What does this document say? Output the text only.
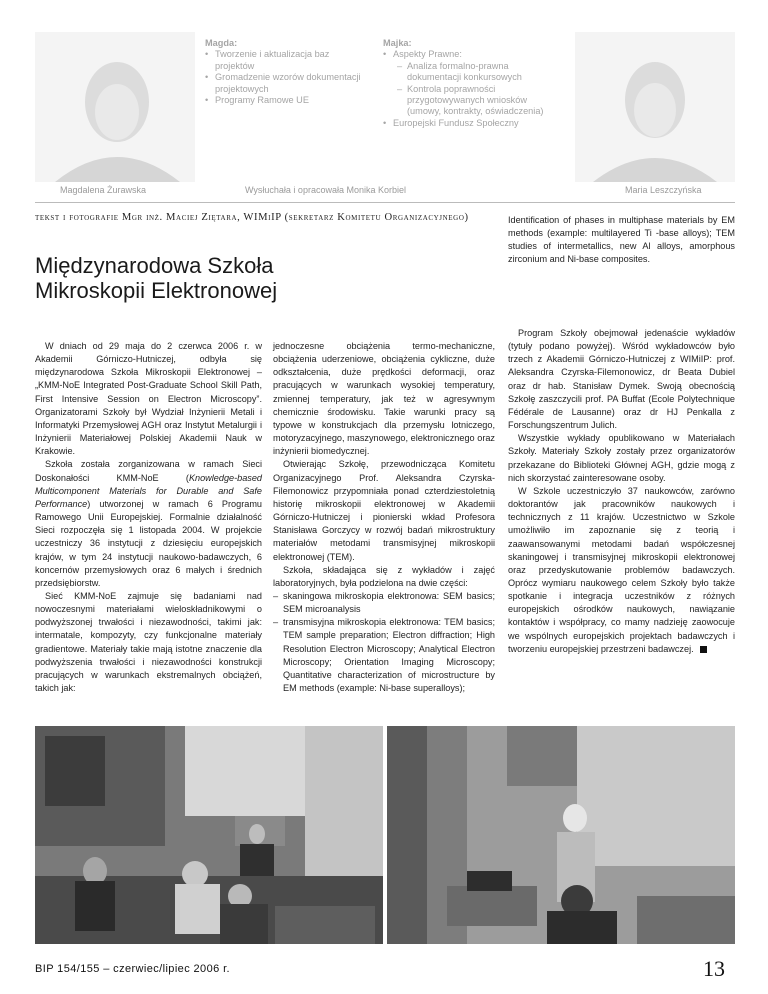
Magdalena Żurawska
Magda:
• Tworzenie i aktualizacja baz projektów
• Gromadzenie wzorów dokumentacji projektowych
• Programy Ramowe UE
Majka:
• Aspekty Prawne:
– Analiza formalno-prawna dokumentacji konkursowych
– Kontrola poprawności przygotowywanych wniosków (umowy, kontrakty, oświadczenia)
• Europejski Fundusz Społeczny
Wysłuchała i opracowała Monika Korbiel	Maria Leszczyńska
tekst i fotografie Mgr inż. Maciej Ziętara, WIMiIP (sekretarz Komitetu Organizacyjnego)
Międzynarodowa Szkoła
Mikroskopii Elektronowej

W dniach od 29 maja do 2 czerwca 2006 r. w Akademii Górniczo-Hutniczej, odbyła się międzynarodowa Szkoła Mikroskopii Elektronowej – „KMM-NoE Integrated Post-Graduate School Skill Path, First Intensive Session on Electron Microscopy”. Organizatorami Szkoły był Wydział Inżynierii Metali i Informatyki Przemysłowej AGH oraz Instytut Metalurgii i Inżynierii Materiałowej Polskiej Akademii Nauk w Krakowie.

Szkoła została zorganizowana w ramach Sieci Doskonałości KMM-NoE (Knowledge-based Multicomponent Materials for Durable and Safe Performance) utworzonej w ramach 6 Programu Ramowego Unii Europejskiej. Formalnie działalność Sieci rozpoczęła się 1 listopada 2004. W projekcie uczestniczy 36 instytucji z dziesięciu europejskich krajów, w tym 24 instytucji naukowo-badawczych, 6 koncernów przemysłowych oraz 6 małych i średnich przedsiębiorstw.

Sieć KMM-NoE zajmuje się badaniami nad nowoczesnymi materiałami wieloskładnikowymi o podwyższonej trwałości i niezawodności, takimi jak: intermatale, kompozyty, czy funkcjonalne materiały gradientowe. Materiały takie mają istotne znaczenie dla podwyższenia trwałości i niezawodności konstrukcji pracujących w warunkach ekstremalnych obciążeń, takich jak:

jednoczesne obciążenia termo-mechaniczne, obciążenia uderzeniowe, obciążenia cykliczne, duże odkształcenia, duże prędkości deformacji, oraz pracujących w warunkach wysokiej temperatury, zmiennej temperatury, jak też w agresywnym chemicznie środowisku. Takie warunki pracy są typowe w konstrukcjach dla przemysłu lotniczego, motoryzacyjnego, maszynowego, elektronicznego oraz inżynierii biomedycznej.

Otwierając Szkołę, przewodnicząca Komitetu Organizacyjnego Prof. Aleksandra Czyrska-Filemonowicz przypomniała ponad czterdziestoletnią historię mikroskopii elektronowej w Akademii Górniczo-Hutniczej i pionierski wkład Profesora Stanisława Gorczycy w rozwój badań mikrostruktury materiałów metodami transmisyjnej mikroskopii elektronowej (TEM).

Szkoła, składająca się z wykładów i zajęć laboratoryjnych, była podzielona na dwie części:

– skaningowa mikroskopia elektronowa: SEM basics; SEM microanalysis
– transmisyjna mikroskopia elektronowa: TEM basics; TEM sample preparation; Electron diffraction; High Resolution Electron Microscopy; Analytical Electron Microscopy; Orientation Imaging Microscopy; Quantitative characterization of microstructure by EM methods (example: Ni-base superalloys);

Identification of phases in multiphase materials by EM methods (example: multilayered Ti -base alloys); TEM studies of intermetallics, new Al alloys, amorphous zirconium and Ni-base composites.

Program Szkoły obejmował jedenaście wykładów (tytuły podano powyżej). Wśród wykładowców było trzech z Akademii Górniczo-Hutniczej z WIMiIP: prof. Aleksandra Czyrska-Filemonowicz, dr Beata Dubiel oraz dr hab. Stanisław Dymek. Swoją obecnością Szkołę zaszczycili prof. PA Buffat (Ecole Polytechnique Fédérale de Lausanne) oraz dr HJ Penkalla z Forschungszentrum Julich.

Wszystkie wykłady opublikowano w Materiałach Szkoły. Materiały Szkoły zostały przez organizatorów przekazane do Biblioteki Głównej AGH, gdzie mogą z nich skorzystać zainteresowane osoby.

W Szkole uczestniczyło 37 naukowców, zarówno doktorantów jak pracowników naukowych i technicznych z 11 krajów. Uczestnictwo w Szkole umożliwiło im zapoznanie się z teorią i zaawansowanymi metodami badań współczesnej skaningowej i transmisyjnej mikroskopii elektronowej oraz przedyskutowanie problemów badawczych. Oprócz wymiaru naukowego celem Szkoły było także spotkanie i integracja uczestników z różnych europejskich ośrodków naukowych, nawiązanie kontaktów i współpracy, co mamy nadzieję zaowocuje we wspólnych europejskich projektach badawczych i tworzeniu europejskiej przestrzeni badawczej.

BIP 154/155 – czerwiec/lipiec 2006 r.	13
